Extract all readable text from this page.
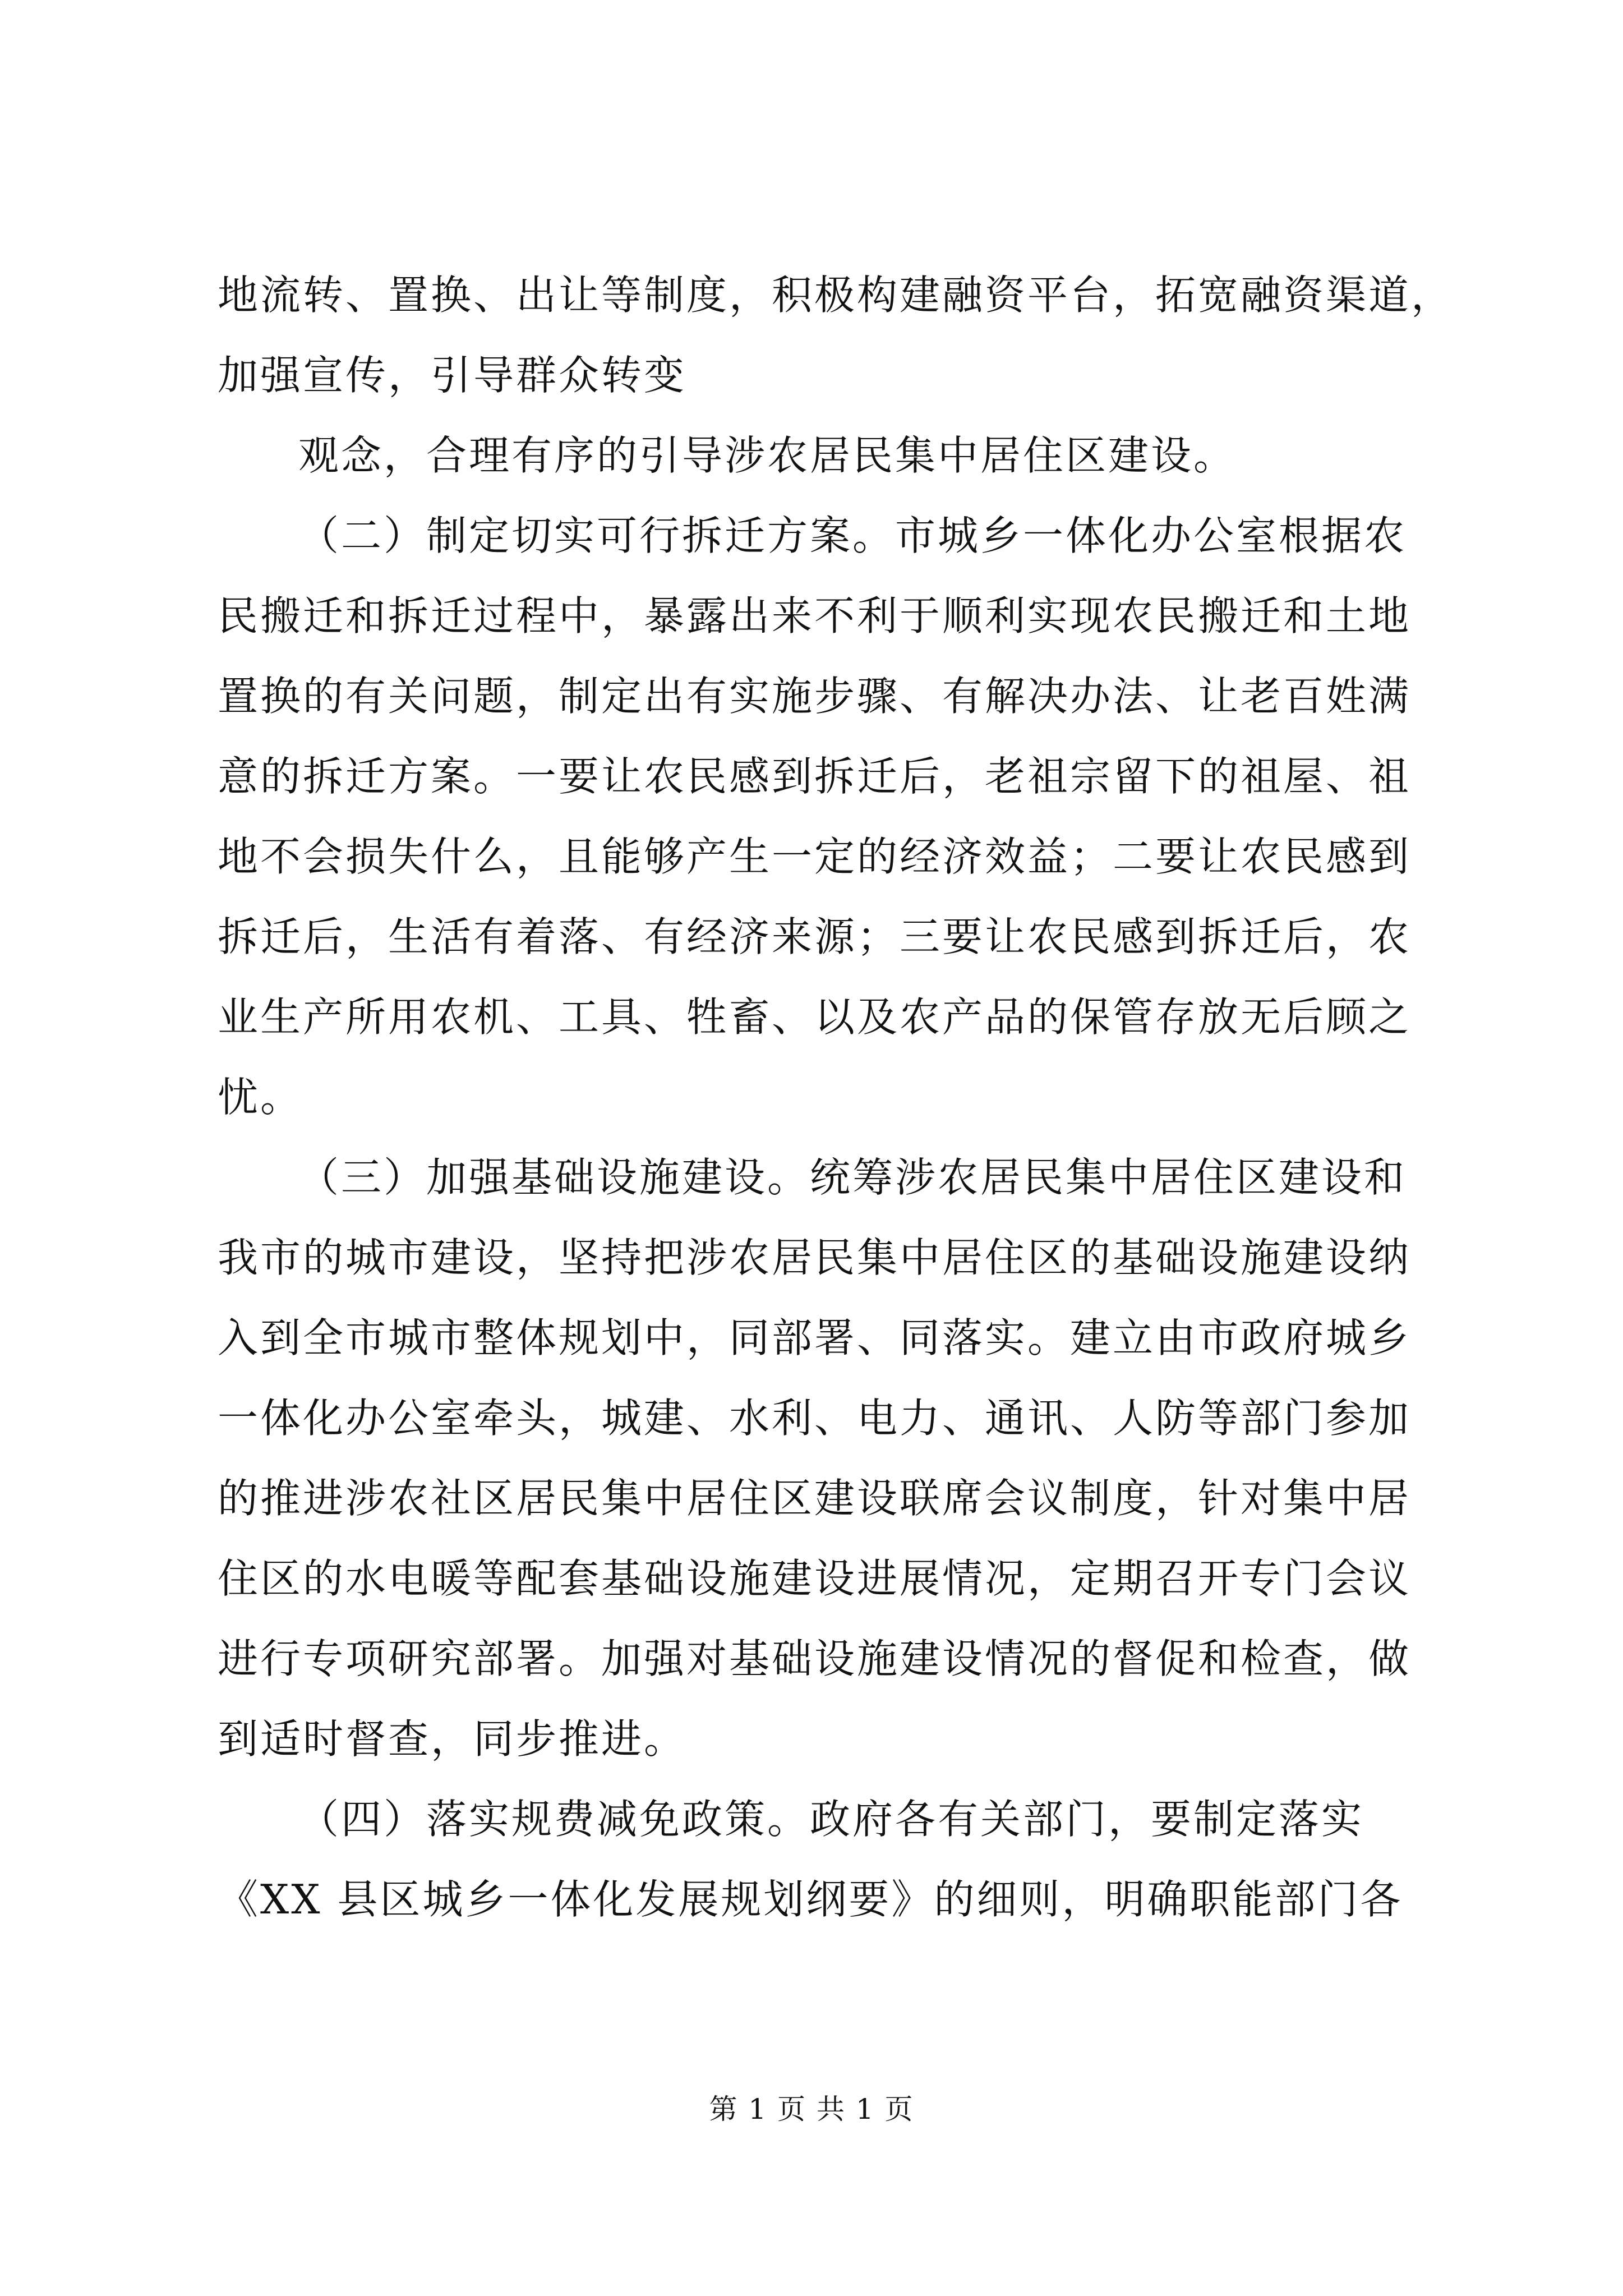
地流转、置换、出让等制度，积极构建融资平台，拓宽融资渠道，
加强宣传，引导群众转变
观念，合理有序的引导涉农居民集中居住区建设。
（二）制定切实可行拆迁方案。市城乡一体化办公室根据农
民搬迁和拆迁过程中，暴露出来不利于顺利实现农民搬迁和土地
置换的有关问题，制定出有实施步骤、有解决办法、让老百姓满
意的拆迁方案。一要让农民感到拆迁后，老祖宗留下的祖屋、祖
地不会损失什么，且能够产生一定的经济效益；二要让农民感到
拆迁后，生活有着落、有经济来源；三要让农民感到拆迁后，农
业生产所用农机、工具、牲畜、以及农产品的保管存放无后顾之
忧。
（三）加强基础设施建设。统筹涉农居民集中居住区建设和
我市的城市建设，坚持把涉农居民集中居住区的基础设施建设纳
入到全市城市整体规划中，同部署、同落实。建立由市政府城乡
一体化办公室牵头，城建、水利、电力、通讯、人防等部门参加
的推进涉农社区居民集中居住区建设联席会议制度，针对集中居
住区的水电暖等配套基础设施建设进展情况，定期召开专门会议
进行专项研究部署。加强对基础设施建设情况的督促和检查，做
到适时督查，同步推进。
（四）落实规费减免政策。政府各有关部门，要制定落实
《XX 县区城乡一体化发展规划纲要》的细则，明确职能部门各
第 1 页 共 1 页
